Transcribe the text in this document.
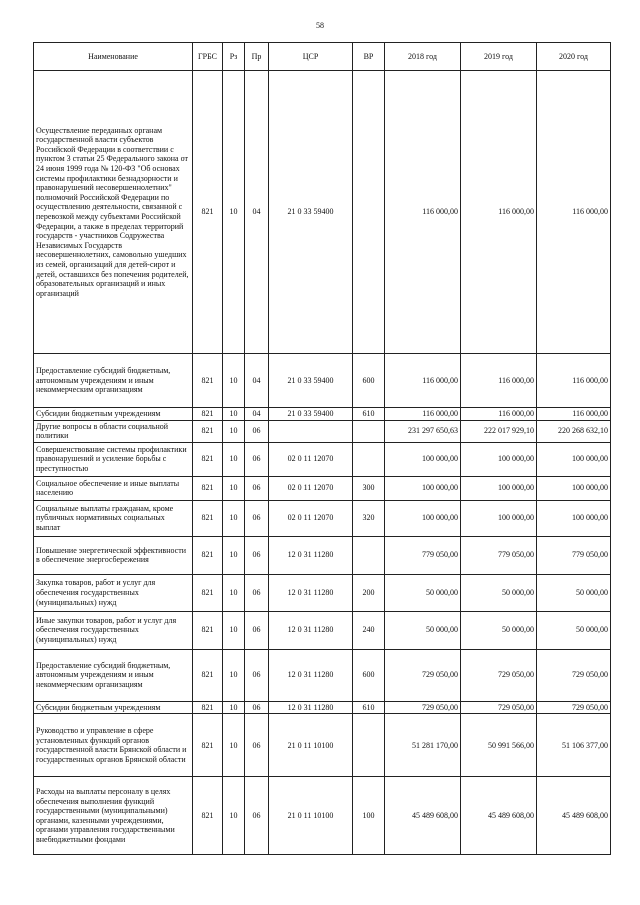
58
Наименование	ГРБС	Рз	Пр	ЦСР	ВР	2018 год	2019 год	2020 год
Осуществление переданных органам государственной власти субъектов Российской Федерации в соответствии с пунктом 3 статьи 25 Федерального закона от 24 июня 1999 года № 120-ФЗ "Об основах системы профилактики безнадзорности и правонарушений несовершеннолетних" полномочий Российской Федерации по осуществлению деятельности, связанной с перевозкой между субъектами Российской Федерации, а также в пределах территорий государств - участников Содружества Независимых Государств несовершеннолетних, самовольно ушедших из семей, организаций для детей-сирот и детей, оставшихся без попечения родителей, образовательных организаций и иных организаций	821	10	04	21 0 33 59400		116 000,00	116 000,00	116 000,00
Предоставление субсидий бюджетным, автономным учреждениям и иным некоммерческим организациям	821	10	04	21 0 33 59400	600	116 000,00	116 000,00	116 000,00
Субсидии бюджетным учреждениям	821	10	04	21 0 33 59400	610	116 000,00	116 000,00	116 000,00
Другие вопросы в области социальной политики	821	10	06			231 297 650,63	222 017 929,10	220 268 632,10
Совершенствование системы профилактики правонарушений и усиление борьбы с преступностью	821	10	06	02 0 11 12070		100 000,00	100 000,00	100 000,00
Социальное обеспечение и иные выплаты населению	821	10	06	02 0 11 12070	300	100 000,00	100 000,00	100 000,00
Социальные выплаты гражданам, кроме публичных нормативных социальных выплат	821	10	06	02 0 11 12070	320	100 000,00	100 000,00	100 000,00
Повышение энергетической эффективности в обеспечение энергосбережения	821	10	06	12 0 31 11280		779 050,00	779 050,00	779 050,00
Закупка товаров, работ и услуг для обеспечения государственных (муниципальных) нужд	821	10	06	12 0 31 11280	200	50 000,00	50 000,00	50 000,00
Иные закупки товаров, работ и услуг для обеспечения государственных (муниципальных) нужд	821	10	06	12 0 31 11280	240	50 000,00	50 000,00	50 000,00
Предоставление субсидий бюджетным, автономным учреждениям и иным некоммерческим организациям	821	10	06	12 0 31 11280	600	729 050,00	729 050,00	729 050,00
Субсидии бюджетным учреждениям	821	10	06	12 0 31 11280	610	729 050,00	729 050,00	729 050,00
Руководство и управление в сфере установленных функций органов государственной власти Брянской области и государственных органов Брянской области	821	10	06	21 0 11 10100		51 281 170,00	50 991 566,00	51 106 377,00
Расходы на выплаты персоналу в целях обеспечения выполнения функций государственными (муниципальными) органами, казенными учреждениями, органами управления государственными внебюджетными фондами	821	10	06	21 0 11 10100	100	45 489 608,00	45 489 608,00	45 489 608,00
